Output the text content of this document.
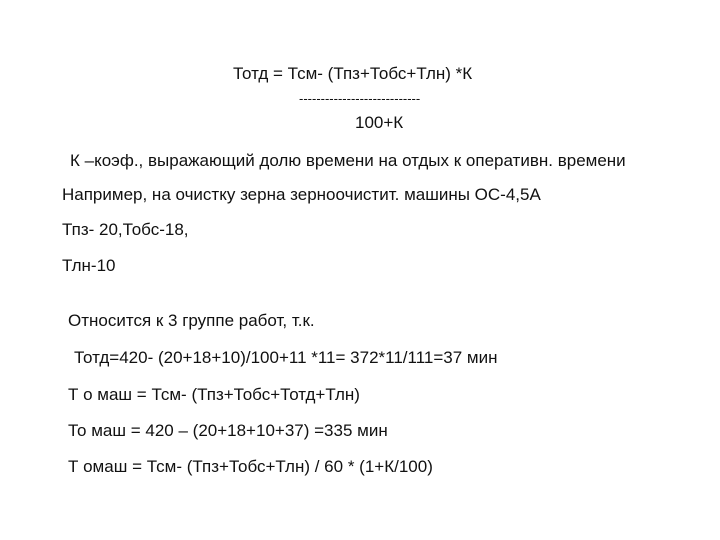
Тотд = Тсм- (Тпз+Тобс+Тлн) *К
----------------------------
100+К
К –коэф., выражающий долю времени на отдых к оперативн. времени
Например, на очистку зерна зерноочистит. машины ОС-4,5А
Тпз- 20,Тобс-18,
Тлн-10
Относится к 3 группе работ, т.к.
Тотд=420- (20+18+10)/100+11 *11= 372*11/111=37 мин
Т о маш = Тсм- (Тпз+Тобс+Тотд+Тлн)
То маш = 420 – (20+18+10+37) =335 мин
Т омаш = Тсм- (Тпз+Тобс+Тлн) / 60 * (1+К/100)
